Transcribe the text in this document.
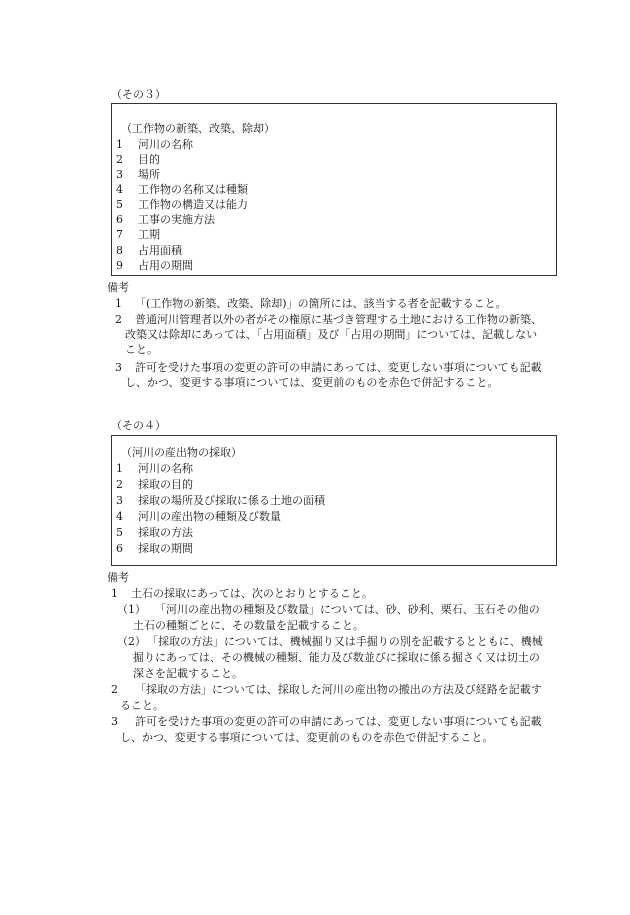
（その３）
（工作物の新築、改築、除却）
1 河川の名称
2 目的
3 場所
4 工作物の名称又は種類
5 工作物の構造又は能力
6 工事の実施方法
7 工期
8 占用面積
9 占用の期間
備考
1 「(工作物の新築、改築、除却)」の箇所には、該当する者を記載すること。
2 普通河川管理者以外の者がその権原に基づき管理する土地における工作物の新築、
改築又は除却にあっては、「占用面積」及び「占用の期間」については、記載しない
こと。
3 許可を受けた事項の変更の許可の申請にあっては、変更しない事項についても記載
し、かつ、変更する事項については、変更前のものを赤色で併記すること。
（その４）
（河川の産出物の採取）
1 河川の名称
2 採取の目的
3 採取の場所及び採取に係る土地の面積
4 河川の産出物の種類及び数量
5 採取の方法
6 採取の期間
備考
1 土石の採取にあっては、次のとおりとすること。
（1） 「河川の産出物の種類及び数量」については、砂、砂利、栗石、玉石その他の
土石の種類ごとに、その数量を記載すること。
（2） 「採取の方法」については、機械掘り又は手掘りの別を記載するとともに、機械
掘りにあっては、その機械の種類、能力及び数並びに採取に係る掘さく又は切土の
深さを記載すること。
2 「採取の方法」については、採取した河川の産出物の搬出の方法及び経路を記載す
ること。
3 許可を受けた事項の変更の許可の申請にあっては、変更しない事項についても記載
し、かつ、変更する事項については、変更前のものを赤色で併記すること。
